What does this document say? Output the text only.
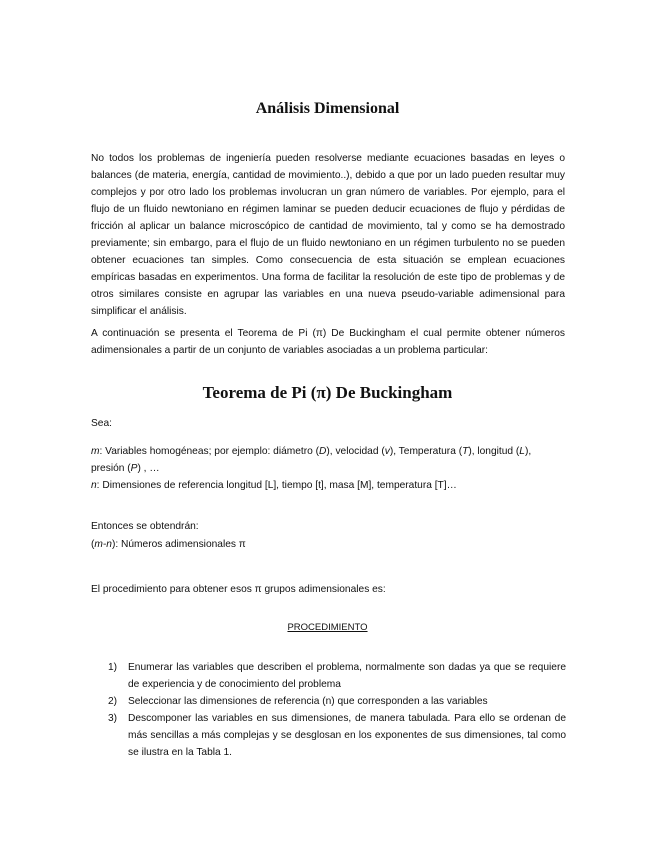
Análisis Dimensional

No todos los problemas de ingeniería pueden resolverse mediante ecuaciones basadas en leyes o balances (de materia, energía, cantidad de movimiento..), debido a que por un lado pueden resultar muy complejos y por otro lado los problemas involucran un gran número de variables. Por ejemplo, para el flujo de un fluido newtoniano en régimen laminar se pueden deducir ecuaciones de flujo y pérdidas de fricción al aplicar un balance microscópico de cantidad de movimiento, tal y como se ha demostrado previamente; sin embargo, para el flujo de un fluido newtoniano en un régimen turbulento no se pueden obtener ecuaciones tan simples. Como consecuencia de esta situación se emplean ecuaciones empíricas basadas en experimentos. Una forma de facilitar la resolución de este tipo de problemas y de otros similares consiste en agrupar las variables en una nueva pseudo-variable adimensional para simplificar el análisis.

A continuación se presenta el Teorema de Pi (π) De Buckingham el cual permite obtener números adimensionales a partir de un conjunto de variables asociadas a un problema particular:

Teorema de Pi (π) De Buckingham
Sea:
m: Variables homogéneas; por ejemplo: diámetro (D), velocidad (v), Temperatura (T), longitud (L),
presión (P) , …
n: Dimensiones de referencia longitud [L], tiempo [t], masa [M], temperatura [T]…
Entonces se obtendrán:
(m-n): Números adimensionales π
El procedimiento para obtener esos π grupos adimensionales es:
PROCEDIMIENTO
1) Enumerar las variables que describen el problema, normalmente son dadas ya que se requiere de experiencia y de conocimiento del problema
2) Seleccionar las dimensiones de referencia (n) que corresponden a las variables
3) Descomponer las variables en sus dimensiones, de manera tabulada. Para ello se ordenan de más sencillas a más complejas y se desglosan en los exponentes de sus dimensiones, tal como se ilustra en la Tabla 1.
